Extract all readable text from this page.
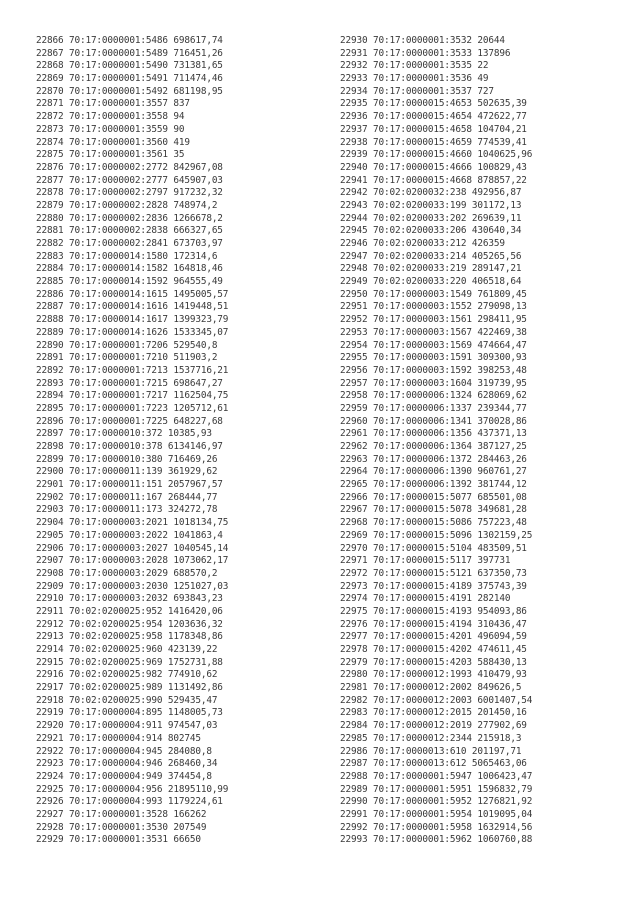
22866 70:17:0000001:5486 698617,74
22867 70:17:0000001:5489 716451,26
22868 70:17:0000001:5490 731381,65
22869 70:17:0000001:5491 711474,46
22870 70:17:0000001:5492 681198,95
22871 70:17:0000001:3557 837
22872 70:17:0000001:3558 94
22873 70:17:0000001:3559 90
22874 70:17:0000001:3560 419
22875 70:17:0000001:3561 35
22876 70:17:0000002:2772 842967,08
22877 70:17:0000002:2777 645907,03
22878 70:17:0000002:2797 917232,32
22879 70:17:0000002:2828 748974,2
22880 70:17:0000002:2836 1266678,2
22881 70:17:0000002:2838 666327,65
22882 70:17:0000002:2841 673703,97
22883 70:17:0000014:1580 172314,6
22884 70:17:0000014:1582 164818,46
22885 70:17:0000014:1592 964555,49
22886 70:17:0000014:1615 1495005,57
22887 70:17:0000014:1616 1419448,51
22888 70:17:0000014:1617 1399323,79
22889 70:17:0000014:1626 1533345,07
22890 70:17:0000001:7206 529540,8
22891 70:17:0000001:7210 511903,2
22892 70:17:0000001:7213 1537716,21
22893 70:17:0000001:7215 698647,27
22894 70:17:0000001:7217 1162504,75
22895 70:17:0000001:7223 1205712,61
22896 70:17:0000001:7225 648227,68
22897 70:17:0000010:372 10385,93
22898 70:17:0000010:378 6134146,97
22899 70:17:0000010:380 716469,26
22900 70:17:0000011:139 361929,62
22901 70:17:0000011:151 2057967,57
22902 70:17:0000011:167 268444,77
22903 70:17:0000011:173 324272,78
22904 70:17:0000003:2021 1018134,75
22905 70:17:0000003:2022 1041863,4
22906 70:17:0000003:2027 1040545,14
22907 70:17:0000003:2028 1073062,17
22908 70:17:0000003:2029 688570,2
22909 70:17:0000003:2030 1251027,03
22910 70:17:0000003:2032 693843,23
22911 70:02:0200025:952 1416420,06
22912 70:02:0200025:954 1203636,32
22913 70:02:0200025:958 1178348,86
22914 70:02:0200025:960 423139,22
22915 70:02:0200025:969 1752731,88
22916 70:02:0200025:982 774910,62
22917 70:02:0200025:989 1131492,86
22918 70:02:0200025:990 529435,47
22919 70:17:0000004:895 1148005,73
22920 70:17:0000004:911 974547,03
22921 70:17:0000004:914 802745
22922 70:17:0000004:945 284080,8
22923 70:17:0000004:946 268460,34
22924 70:17:0000004:949 374454,8
22925 70:17:0000004:956 21895110,99
22926 70:17:0000004:993 1179224,61
22927 70:17:0000001:3528 166262
22928 70:17:0000001:3530 207549
22929 70:17:0000001:3531 66650
22930 70:17:0000001:3532 20644
22931 70:17:0000001:3533 137896
22932 70:17:0000001:3535 22
22933 70:17:0000001:3536 49
22934 70:17:0000001:3537 727
22935 70:17:0000015:4653 502635,39
22936 70:17:0000015:4654 472622,77
22937 70:17:0000015:4658 104704,21
22938 70:17:0000015:4659 774539,41
22939 70:17:0000015:4660 1040625,96
22940 70:17:0000015:4666 100829,43
22941 70:17:0000015:4668 878857,22
22942 70:02:0200032:238 492956,87
22943 70:02:0200033:199 301172,13
22944 70:02:0200033:202 269639,11
22945 70:02:0200033:206 430640,34
22946 70:02:0200033:212 426359
22947 70:02:0200033:214 405265,56
22948 70:02:0200033:219 289147,21
22949 70:02:0200033:220 406518,64
22950 70:17:0000003:1549 761809,45
22951 70:17:0000003:1552 279098,13
22952 70:17:0000003:1561 298411,95
22953 70:17:0000003:1567 422469,38
22954 70:17:0000003:1569 474664,47
22955 70:17:0000003:1591 309300,93
22956 70:17:0000003:1592 398253,48
22957 70:17:0000003:1604 319739,95
22958 70:17:0000006:1324 628069,62
22959 70:17:0000006:1337 239344,77
22960 70:17:0000006:1341 370028,86
22961 70:17:0000006:1356 437371,13
22962 70:17:0000006:1364 387127,25
22963 70:17:0000006:1372 284463,26
22964 70:17:0000006:1390 960761,27
22965 70:17:0000006:1392 381744,12
22966 70:17:0000015:5077 685501,08
22967 70:17:0000015:5078 349681,28
22968 70:17:0000015:5086 757223,48
22969 70:17:0000015:5096 1302159,25
22970 70:17:0000015:5104 483509,51
22971 70:17:0000015:5117 397731
22972 70:17:0000015:5121 637350,73
22973 70:17:0000015:4189 375743,39
22974 70:17:0000015:4191 282140
22975 70:17:0000015:4193 954093,86
22976 70:17:0000015:4194 310436,47
22977 70:17:0000015:4201 496094,59
22978 70:17:0000015:4202 474611,45
22979 70:17:0000015:4203 588430,13
22980 70:17:0000012:1993 410479,93
22981 70:17:0000012:2002 849626,5
22982 70:17:0000012:2003 6001407,54
22983 70:17:0000012:2015 201450,16
22984 70:17:0000012:2019 277902,69
22985 70:17:0000012:2344 215918,3
22986 70:17:0000013:610 201197,71
22987 70:17:0000013:612 5065463,06
22988 70:17:0000001:5947 1006423,47
22989 70:17:0000001:5951 1596832,79
22990 70:17:0000001:5952 1276821,92
22991 70:17:0000001:5954 1019095,04
22992 70:17:0000001:5958 1632914,56
22993 70:17:0000001:5962 1060760,88
